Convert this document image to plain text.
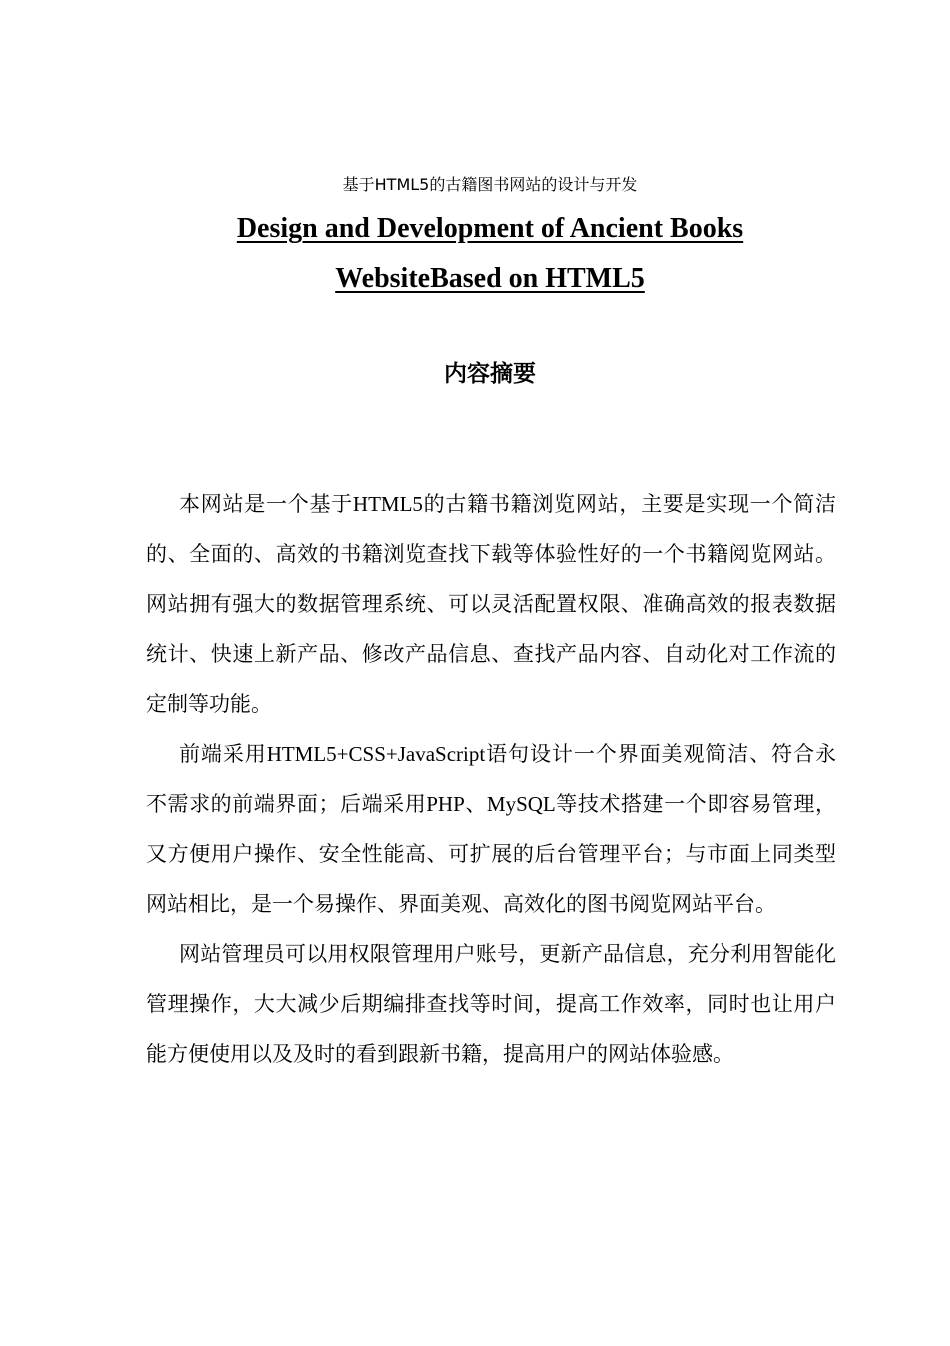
基于HTML5的古籍图书网站的设计与开发
Design and Development of Ancient Books
WebsiteBased on HTML5
内容摘要

本网站是一个基于HTML5的古籍书籍浏览网站，主要是实现一个简洁的、全面的、高效的书籍浏览查找下载等体验性好的一个书籍阅览网站。网站拥有强大的数据管理系统、可以灵活配置权限、准确高效的报表数据统计、快速上新产品、修改产品信息、查找产品内容、自动化对工作流的定制等功能。

前端采用HTML5+CSS+JavaScript语句设计一个界面美观简洁、符合永不需求的前端界面；后端采用PHP、MySQL等技术搭建一个即容易管理，又方便用户操作、安全性能高、可扩展的后台管理平台；与市面上同类型网站相比，是一个易操作、界面美观、高效化的图书阅览网站平台。

网站管理员可以用权限管理用户账号，更新产品信息，充分利用智能化管理操作，大大减少后期编排查找等时间，提高工作效率，同时也让用户能方便使用以及及时的看到跟新书籍，提高用户的网站体验感。
